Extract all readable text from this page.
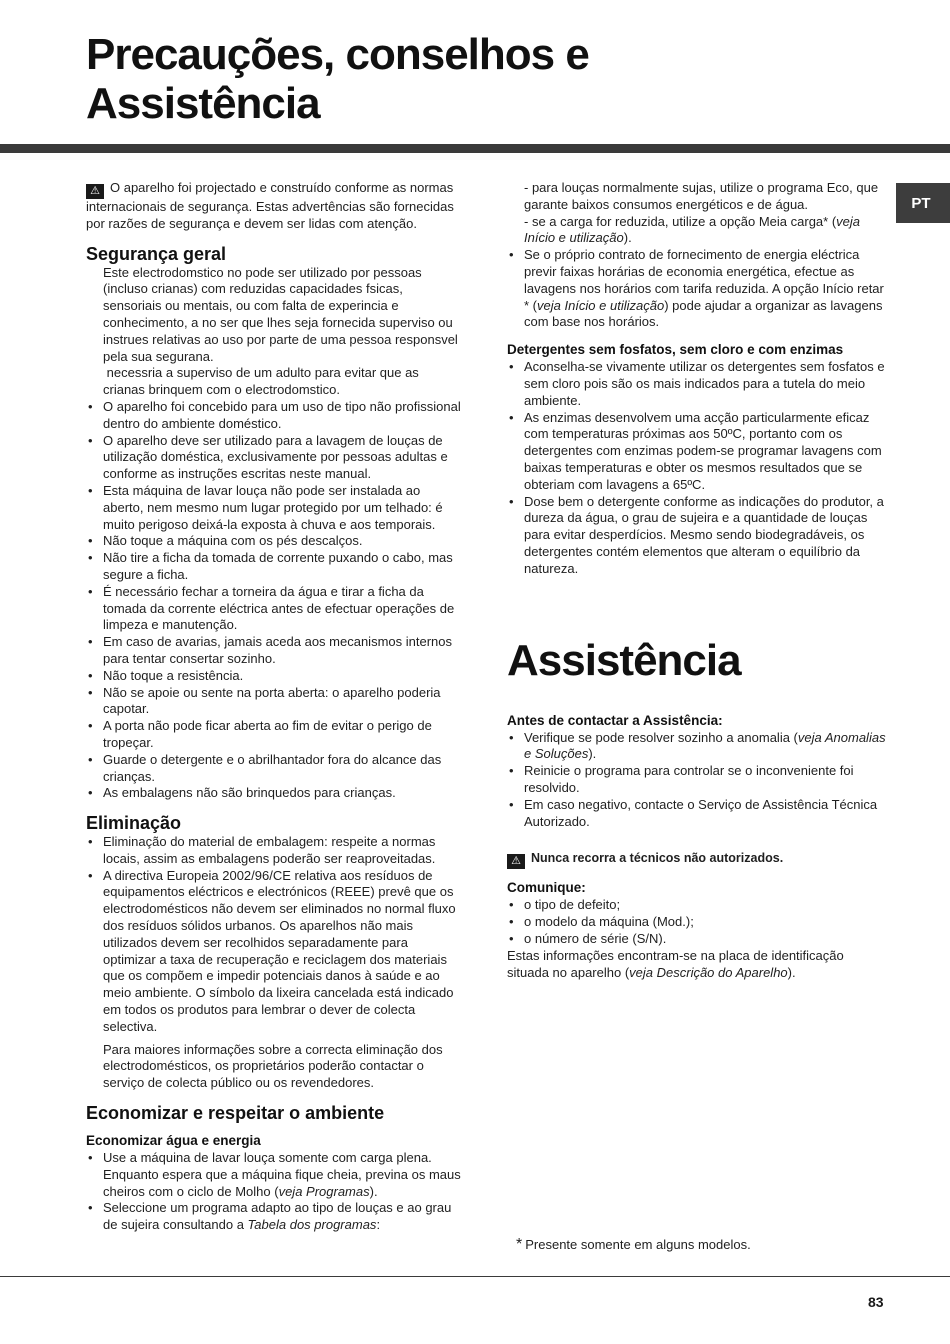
Precauções, conselhos e
Assistência
PT

⚠ O aparelho foi projectado e construído conforme as normas internacionais de segurança. Estas advertências são fornecidas por razões de segurança e devem ser lidas com atenção.

Segurança geral

Este electrodomstico no pode ser utilizado por pessoas (incluso crianas) com reduzidas capacidades fsicas, sensoriais ou mentais, ou com falta de experincia e conhecimento, a no ser que lhes seja fornecida superviso ou instrues relativas ao uso por parte de uma pessoa responsvel pela sua segurana.

necessria a superviso de um adulto para evitar que as crianas brinquem com o electrodomstico.

• O aparelho foi concebido para um uso de tipo não profissional dentro do ambiente doméstico.
• O aparelho deve ser utilizado para a lavagem de louças de utilização doméstica, exclusivamente por pessoas adultas e conforme as instruções escritas neste manual.
• Esta máquina de lavar louça não pode ser instalada ao aberto, nem mesmo num lugar protegido por um telhado: é muito perigoso deixá-la exposta à chuva e aos temporais.
• Não toque a máquina com os pés descalços.
• Não tire a ficha da tomada de corrente puxando o cabo, mas segure a ficha.
• É necessário fechar a torneira da água e tirar a ficha da tomada da corrente eléctrica antes de efectuar operações de limpeza e manutenção.
• Em caso de avarias, jamais aceda aos mecanismos internos para tentar consertar sozinho.
• Não toque a resistência.
• Não se apoie ou sente na porta aberta: o aparelho poderia capotar.
• A porta não pode ficar aberta ao fim de evitar o perigo de tropeçar.
• Guarde o detergente e o abrilhantador fora do alcance das crianças.
• As embalagens não são brinquedos para crianças.
Eliminação
• Eliminação do material de embalagem: respeite a normas locais, assim as embalagens poderão ser reaproveitadas.
• A directiva Europeia 2002/96/CE relativa aos resíduos de equipamentos eléctricos e electrónicos (REEE) prevê que os electrodomésticos não devem ser eliminados no normal fluxo dos resíduos sólidos urbanos. Os aparelhos não mais utilizados devem ser recolhidos separadamente para optimizar a taxa de recuperação e reciclagem dos materiais que os compõem e impedir potenciais danos à saúde e ao meio ambiente. O símbolo da lixeira cancelada está indicado em todos os produtos para lembrar o dever de colecta selectiva.

Para maiores informações sobre a correcta eliminação dos electrodomésticos, os proprietários poderão contactar o serviço de colecta público ou os revendedores.

Economizar e respeitar o ambiente
Economizar água e energia
• Use a máquina de lavar louça somente com carga plena. Enquanto espera que a máquina fique cheia, previna os maus cheiros com o ciclo de Molho (veja Programas).
• Seleccione um programa adapto ao tipo de louças e ao grau de sujeira consultando a Tabela dos programas:

- para louças normalmente sujas, utilize o programa Eco, que garante baixos consumos energéticos e de água.

- se a carga for reduzida, utilize a opção Meia carga* (veja Início e utilização).

• Se o próprio contrato de fornecimento de energia eléctrica previr faixas horárias de economia energética, efectue as lavagens nos horários com tarifa reduzida. A opção Início retar * (veja Início e utilização) pode ajudar a organizar as lavagens com base nos horários.
Detergentes sem fosfatos, sem cloro e com enzimas
• Aconselha-se vivamente utilizar os detergentes sem fosfatos e sem cloro pois são os mais indicados para a tutela do meio ambiente.
• As enzimas desenvolvem uma acção particularmente eficaz com temperaturas próximas aos 50ºC, portanto com os detergentes com enzimas podem-se programar lavagens com baixas temperaturas e obter os mesmos resultados que se obteriam com lavagens a 65ºC.
• Dose bem o detergente conforme as indicações do produtor, a dureza da água, o grau de sujeira e a quantidade de louças para evitar desperdícios. Mesmo sendo biodegradáveis, os detergentes contém elementos que alteram o equilíbrio da natureza.
Assistência
Antes de contactar a Assistência:
• Verifique se pode resolver sozinho a anomalia (veja Anomalias e Soluções).
• Reinicie o programa para controlar se o inconveniente foi resolvido.
• Em caso negativo, contacte o Serviço de Assistência Técnica Autorizado.

⚠ Nunca recorra a técnicos não autorizados.

Comunique:
• o tipo de defeito;
• o modelo da máquina (Mod.);
• o número de série (S/N).

Estas informações encontram-se na placa de identificação situada no aparelho (veja Descrição do Aparelho).

* Presente somente em alguns modelos.
83
